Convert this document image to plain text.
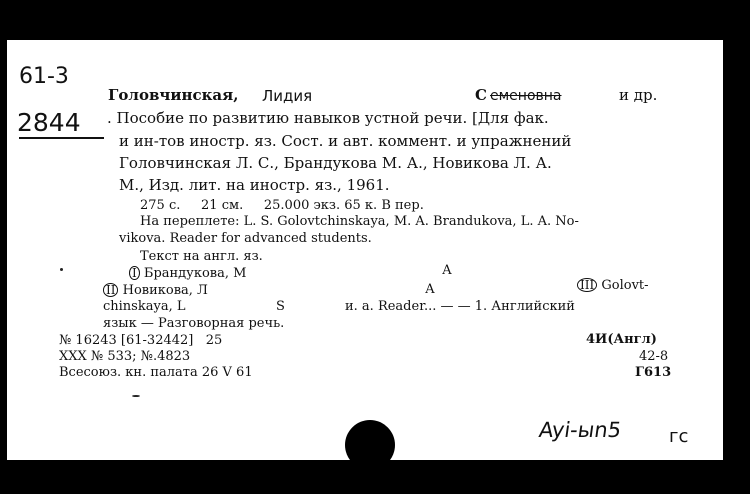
61-3
2844
Головчинская, Лидия	С еменовна	и др.
. Пособие по развитию навыков устной речи. [Для фак.
и ин-тов иностр. яз. Сост. и авт. коммент. и упражнений
Головчинская Л. С., Брандукова М. А., Новикова Л. А.
М., Изд. лит. на иностр. яз., 1961.
275 с.     21 см.     25.000 экз. 65 к. В пер.
На переплете: L. S. Golovtchinskaya, M. A. Brandukova, L. A. No-
vikova. Reader for advanced students.
Текст на англ. яз.
I Брандукова, М	А
II Новикова, Л	А	III Golovt-
chinskaya, L	S	и. а. Reader... — — 1. Английский
язык — Разговорная речь.
№ 16243 [61-32442]   25
XXX № 533; №.4823
Всесоюз. кн. палата 26 V 61
4И(Англ)
42-8
Г613
Ayi-ыn5	гс
